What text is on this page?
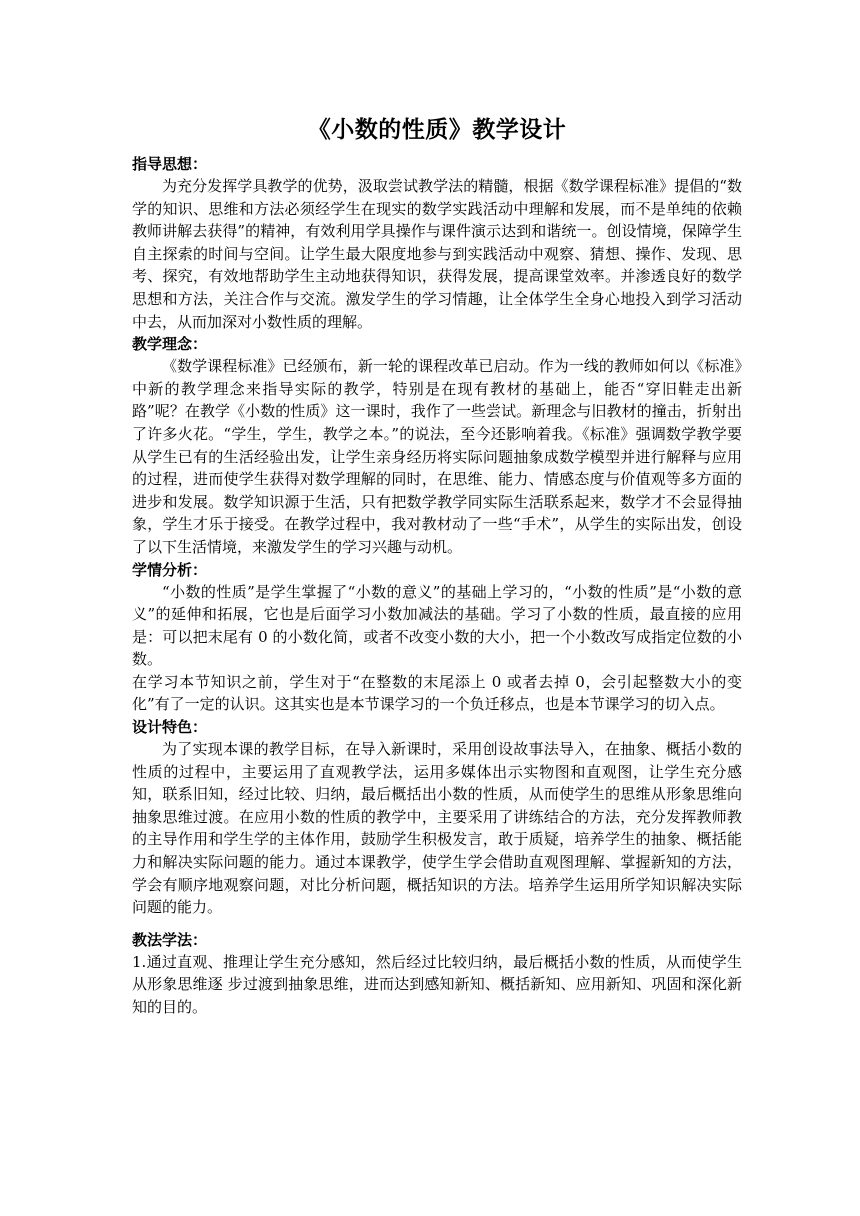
《小数的性质》教学设计

指导思想：

为充分发挥学具教学的优势，汲取尝试教学法的精髓，根据《数学课程标准》提倡的“数学的知识、思维和方法必须经学生在现实的数学实践活动中理解和发展，而不是单纯的依赖教师讲解去获得”的精神，有效利用学具操作与课件演示达到和谐统一。创设情境，保障学生自主探索的时间与空间。让学生最大限度地参与到实践活动中观察、猜想、操作、发现、思考、探究，有效地帮助学生主动地获得知识，获得发展，提高课堂效率。并渗透良好的数学思想和方法，关注合作与交流。激发学生的学习情趣，让全体学生全身心地投入到学习活动中去，从而加深对小数性质的理解。

教学理念：

《数学课程标准》已经颁布，新一轮的课程改革已启动。作为一线的教师如何以《标准》中新的教学理念来指导实际的教学，特别是在现有教材的基础上，能否“穿旧鞋走出新路”呢？在教学《小数的性质》这一课时，我作了一些尝试。新理念与旧教材的撞击，折射出了许多火花。“学生，学生，教学之本。”的说法，至今还影响着我。《标准》强调数学教学要从学生已有的生活经验出发，让学生亲身经历将实际问题抽象成数学模型并进行解释与应用的过程，进而使学生获得对数学理解的同时，在思维、能力、情感态度与价值观等多方面的进步和发展。数学知识源于生活，只有把数学教学同实际生活联系起来，数学才不会显得抽象，学生才乐于接受。在教学过程中，我对教材动了一些“手术”，从学生的实际出发，创设了以下生活情境，来激发学生的学习兴趣与动机。

学情分析：

“小数的性质”是学生掌握了“小数的意义”的基础上学习的，“小数的性质”是“小数的意义”的延伸和拓展，它也是后面学习小数加减法的基础。学习了小数的性质，最直接的应用是：可以把末尾有 0 的小数化简，或者不改变小数的大小，把一个小数改写成指定位数的小数。

在学习本节知识之前，学生对于“在整数的末尾添上 0 或者去掉 0，会引起整数大小的变化”有了一定的认识。这其实也是本节课学习的一个负迁移点，也是本节课学习的切入点。

设计特色：

为了实现本课的教学目标，在导入新课时，采用创设故事法导入，在抽象、概括小数的性质的过程中，主要运用了直观教学法，运用多媒体出示实物图和直观图，让学生充分感知，联系旧知，经过比较、归纳，最后概括出小数的性质，从而使学生的思维从形象思维向抽象思维过渡。在应用小数的性质的教学中，主要采用了讲练结合的方法，充分发挥教师教的主导作用和学生学的主体作用，鼓励学生积极发言，敢于质疑，培养学生的抽象、概括能力和解决实际问题的能力。通过本课教学，使学生学会借助直观图理解、掌握新知的方法，学会有顺序地观察问题，对比分析问题，概括知识的方法。培养学生运用所学知识解决实际问题的能力。

教法学法：

1.通过直观、推理让学生充分感知，然后经过比较归纳，最后概括小数的性质，从而使学生从形象思维逐 步过渡到抽象思维，进而达到感知新知、概括新知、应用新知、巩固和深化新知的目的。
